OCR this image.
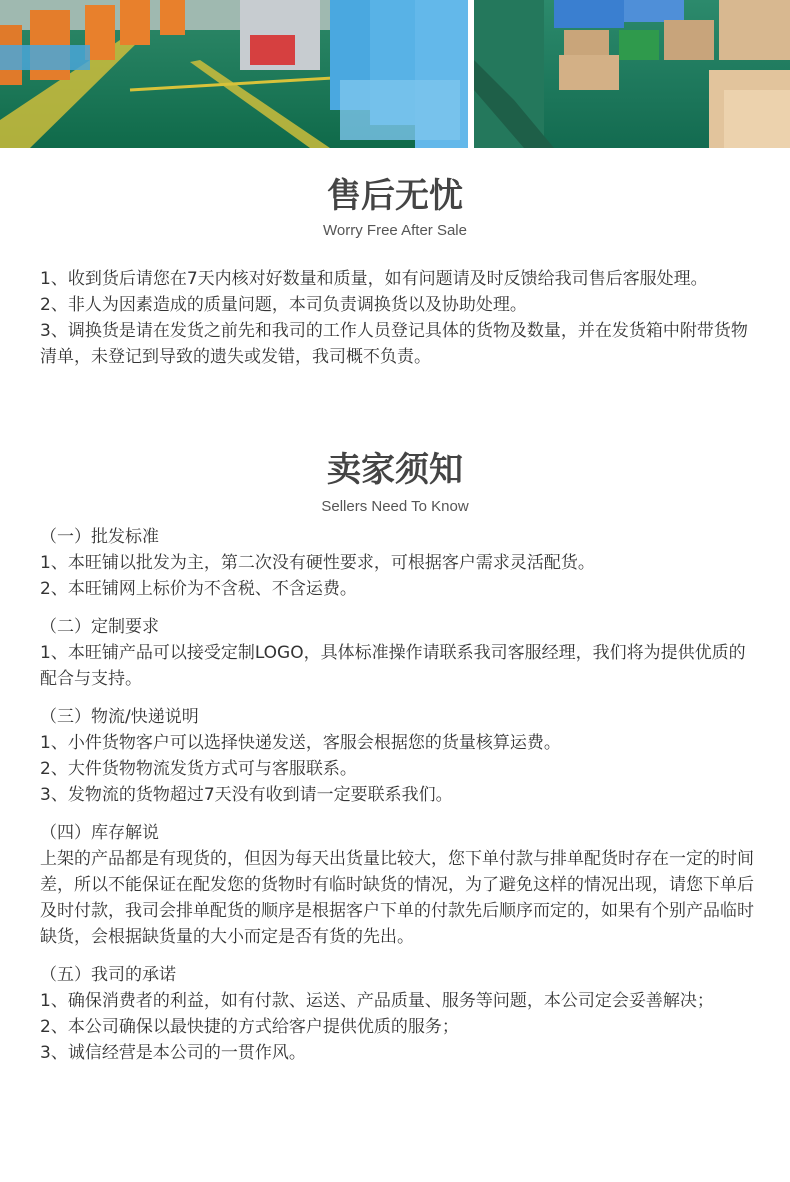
售后无忧

Worry Free After Sale

1、收到货后请您在7天内核对好数量和质量，如有问题请及时反馈给我司售后客服处理。

2、非人为因素造成的质量问题，本司负责调换货以及协助处理。

3、调换货是请在发货之前先和我司的工作人员登记具体的货物及数量，并在发货箱中附带货物清单，未登记到导致的遗失或发错，我司概不负责。

卖家须知

Sellers Need To Know

（一）批发标准

1、本旺铺以批发为主，第二次没有硬性要求，可根据客户需求灵活配货。

2、本旺铺网上标价为不含税、不含运费。

（二）定制要求

1、本旺铺产品可以接受定制LOGO，具体标准操作请联系我司客服经理，我们将为提供优质的配合与支持。

（三）物流/快递说明

1、小件货物客户可以选择快递发送，客服会根据您的货量核算运费。

2、大件货物物流发货方式可与客服联系。

3、发物流的货物超过7天没有收到请一定要联系我们。

（四）库存解说

上架的产品都是有现货的，但因为每天出货量比较大，您下单付款与排单配货时存在一定的时间差，所以不能保证在配发您的货物时有临时缺货的情况，为了避免这样的情况出现，请您下单后及时付款，我司会排单配货的顺序是根据客户下单的付款先后顺序而定的，如果有个别产品临时缺货，会根据缺货量的大小而定是否有货的先出。

（五）我司的承诺

1、确保消费者的利益，如有付款、运送、产品质量、服务等问题，本公司定会妥善解决；

2、本公司确保以最快捷的方式给客户提供优质的服务；

3、诚信经营是本公司的一贯作风。
